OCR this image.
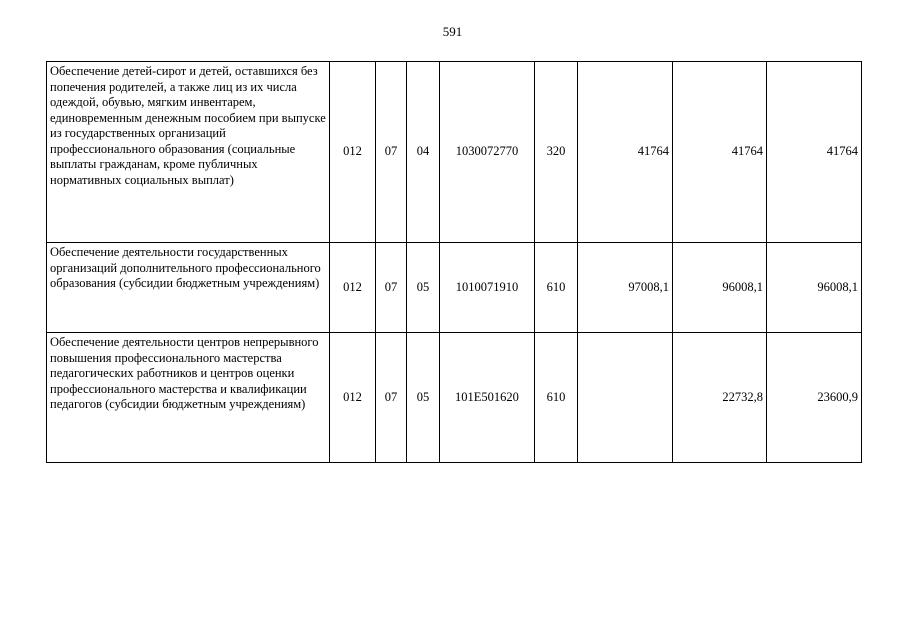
591
Обеспечение детей-сирот и детей, оставшихся без попечения родителей, а также лиц из их числа одеждой, обувью, мягким инвентарем, единовременным денежным пособием при выпуске из государственных организаций профессионального образования (социальные выплаты гражданам, кроме публичных нормативных социальных выплат)	012	07	04	1030072770	320	41764	41764	41764
Обеспечение деятельности государственных организаций дополнительного профессионального образования (субсидии бюджетным учреждениям)	012	07	05	1010071910	610	97008,1	96008,1	96008,1
Обеспечение деятельности центров непрерывного повышения профессионального мастерства педагогических работников и центров оценки профессионального мастерства и квалификации педагогов (субсидии бюджетным учреждениям)	012	07	05	101E501620	610		22732,8	23600,9
